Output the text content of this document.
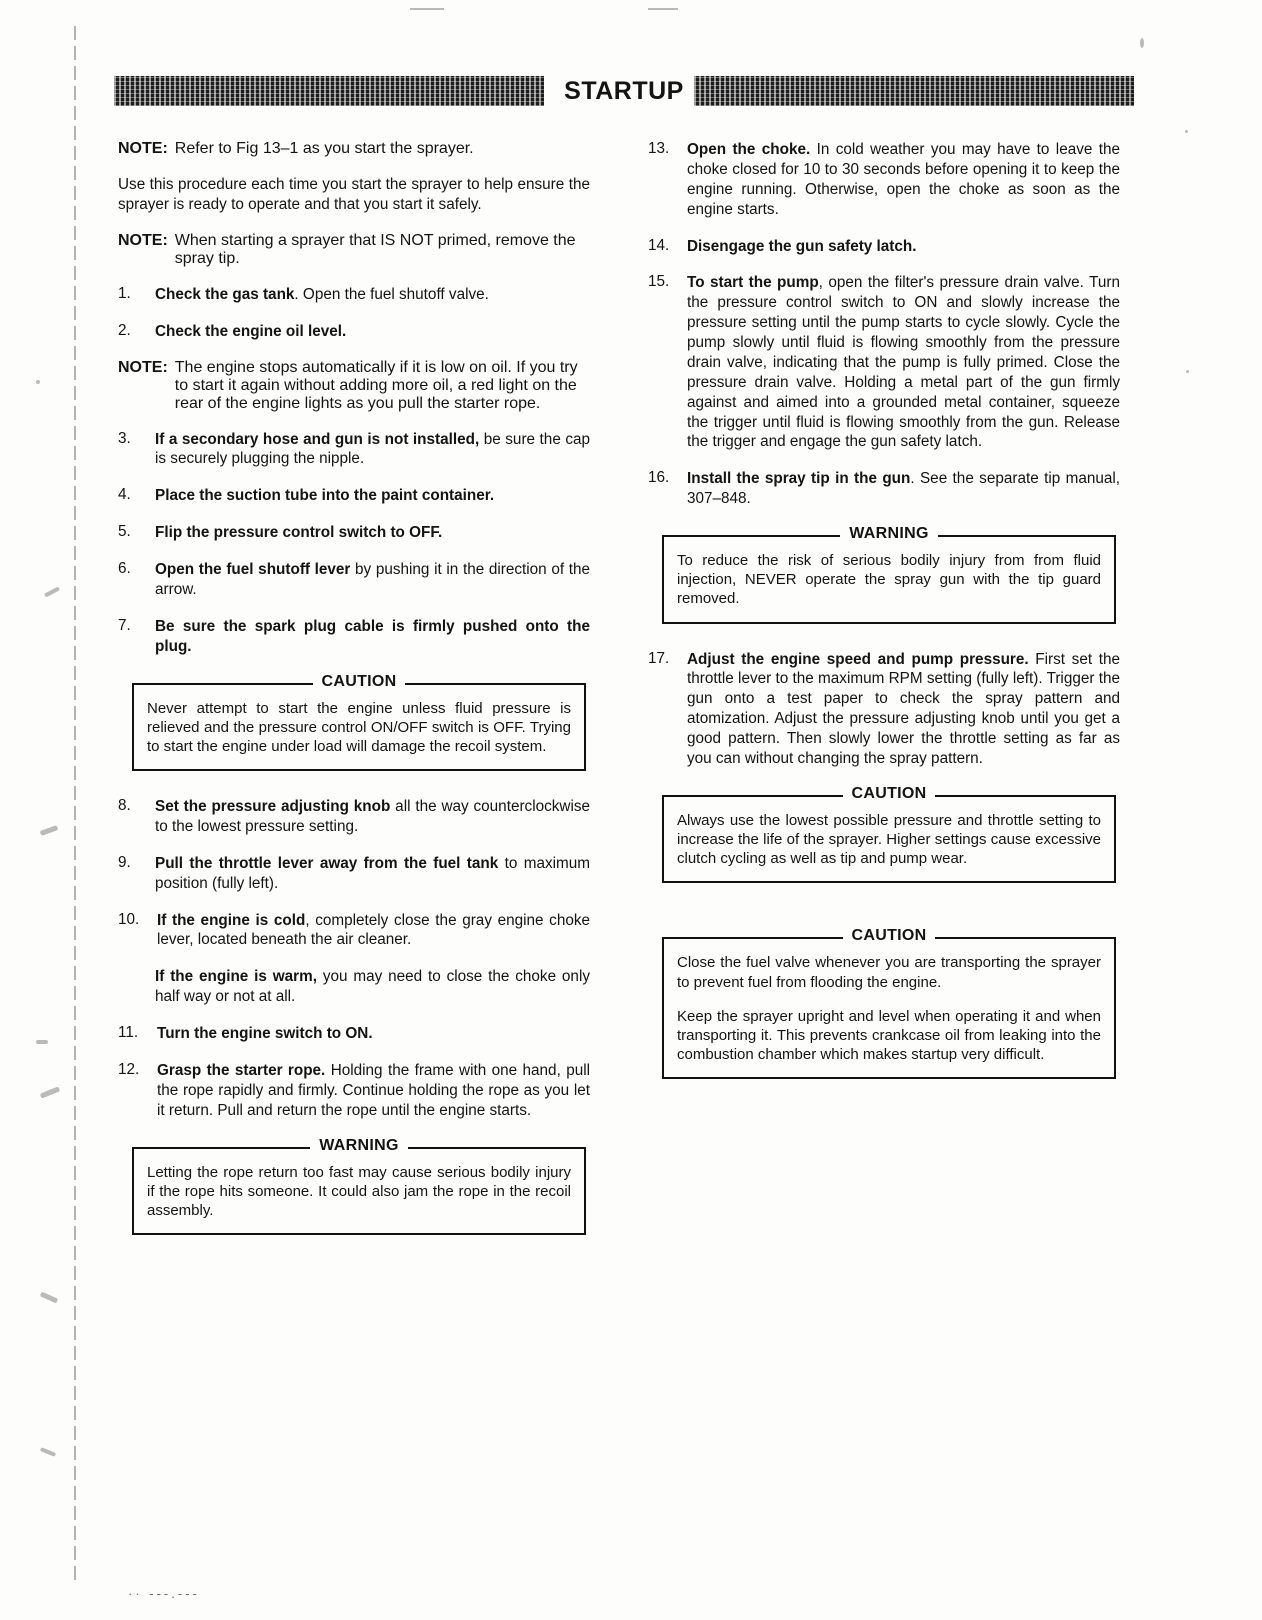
STARTUP
NOTE: Refer to Fig 13–1 as you start the sprayer.

Use this procedure each time you start the sprayer to help ensure the sprayer is ready to operate and that you start it safely.

NOTE: When starting a sprayer that IS NOT primed, remove the spray tip.
1.	Check the gas tank. Open the fuel shutoff valve.

2.	Check the engine oil level.

NOTE: The engine stops automatically if it is low on oil. If you try to start it again without adding more oil, a red light on the rear of the engine lights as you pull the starter rope.
3.	If a secondary hose and gun is not installed, be sure the cap is securely plugging the nipple.

4.	Place the suction tube into the paint container.

5.	Flip the pressure control switch to OFF.

6.	Open the fuel shutoff lever by pushing it in the direction of the arrow.

7.	Be sure the spark plug cable is firmly pushed onto the plug.

CAUTION

Never attempt to start the engine unless fluid pressure is relieved and the pressure control ON/OFF switch is OFF. Trying to start the engine under load will damage the recoil system.

8.	Set the pressure adjusting knob all the way counterclockwise to the lowest pressure setting.

9.	Pull the throttle lever away from the fuel tank to maximum position (fully left).

10.	If the engine is cold, completely close the gray engine choke lever, located beneath the air cleaner.

If the engine is warm, you may need to close the choke only half way or not at all.

11.	Turn the engine switch to ON.

12.	Grasp the starter rope. Holding the frame with one hand, pull the rope rapidly and firmly. Continue holding the rope as you let it return. Pull and return the rope until the engine starts.

WARNING

Letting the rope return too fast may cause serious bodily injury if the rope hits someone. It could also jam the rope in the recoil assembly.

13.	Open the choke. In cold weather you may have to leave the choke closed for 10 to 30 seconds before opening it to keep the engine running. Otherwise, open the choke as soon as the engine starts.

14.	Disengage the gun safety latch.

15.	To start the pump, open the filter's pressure drain valve. Turn the pressure control switch to ON and slowly increase the pressure setting until the pump starts to cycle slowly. Cycle the pump slowly until fluid is flowing smoothly from the pressure drain valve, indicating that the pump is fully primed. Close the pressure drain valve. Holding a metal part of the gun firmly against and aimed into a grounded metal container, squeeze the trigger until fluid is flowing smoothly from the gun. Release the trigger and engage the gun safety latch.

16.	Install the spray tip in the gun. See the separate tip manual, 307–848.

WARNING

To reduce the risk of serious bodily injury from from fluid injection, NEVER operate the spray gun with the tip guard removed.

17.	Adjust the engine speed and pump pressure. First set the throttle lever to the maximum RPM setting (fully left). Trigger the gun onto a test paper to check the spray pattern and atomization. Adjust the pressure adjusting knob until you get a good pattern. Then slowly lower the throttle setting as far as you can without changing the spray pattern.

CAUTION

Always use the lowest possible pressure and throttle setting to increase the life of the sprayer. Higher settings cause excessive clutch cycling as well as tip and pump wear.

CAUTION

Close the fuel valve whenever you are transporting the sprayer to prevent fuel from flooding the engine.

Keep the sprayer upright and level when operating it and when transporting it. This prevents crankcase oil from leaking into the combustion chamber which makes startup very difficult.

·· ---.---
